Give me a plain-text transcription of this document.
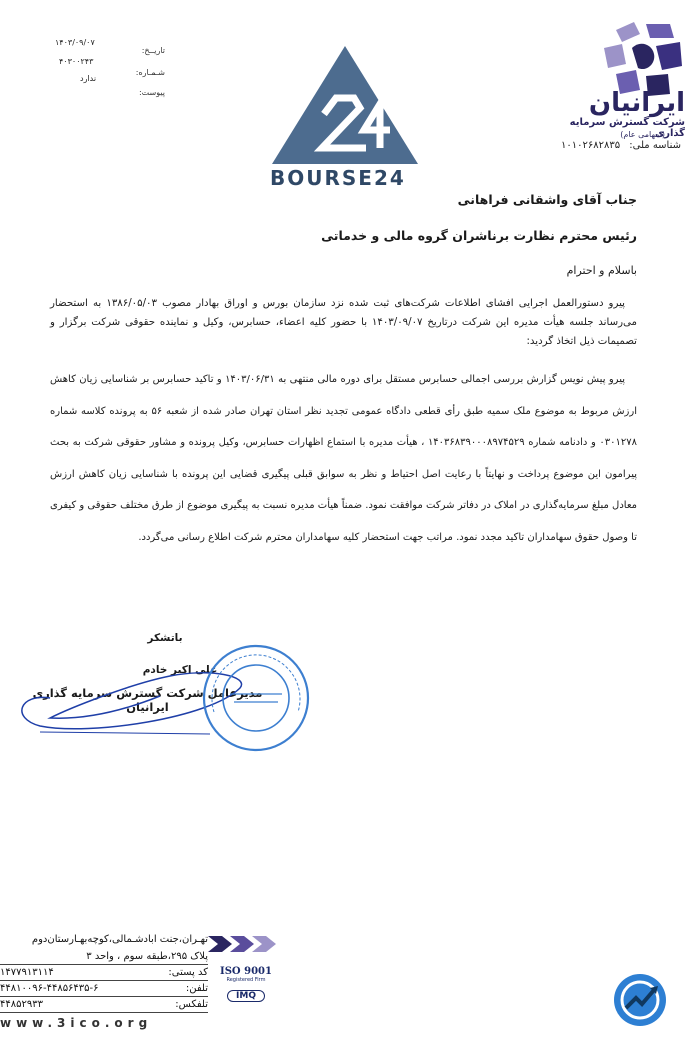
۱۴۰۳/۰۹/۰۷
تاریــخ:
۴۰۳۰۰۲۴۳
شـمـاره:
ندارد
پیوست:
BOURSE24
ایرانیان
شرکت گسترش سرمایه گذاری
(سهامی عام)
شناسه ملی: ۱۰۱۰۲۶۸۲۸۳۵
جناب آقای واشقانی فراهانی
رئیس محترم نظارت برناشران گروه مالی و خدماتی
باسلام و احترام
پیرو دستورالعمل اجرایی افشای اطلاعات شرکت‌های ثبت شده نزد سازمان بورس و اوراق بهادار مصوب ۱۳۸۶/۰۵/۰۳ به استحضار می‌رساند جلسه هیأت مدیره این شرکت درتاریخ ۱۴۰۳/۰۹/۰۷ با حضور کلیه اعضاء، حسابرس، وکیل و نماینده حقوقی شرکت برگزار و تصمیمات ذیل اتخاذ گردید:
پیرو پیش نویس گزارش بررسی اجمالی حسابرس مستقل برای دوره مالی منتهی به ۱۴۰۳/۰۶/۳۱ و تاکید حسابرس بر شناسایی زیان کاهش ارزش مربوط به موضوع ملک سمیه طبق رأی قطعی دادگاه عمومی تجدید نظر استان تهران صادر شده از شعبه ۵۶ به پرونده کلاسه شماره ۰۳۰۱۲۷۸ و دادنامه شماره ۱۴۰۳۶۸۳۹۰۰۰۸۹۷۴۵۲۹ ، هیأت مدیره با استماع اظهارات حسابرس، وکیل پرونده و مشاور حقوقی شرکت به بحث پیرامون این موضوع پرداخت و نهایتاً با رعایت اصل احتیاط و نظر به سوابق قبلی پیگیری قضایی این پرونده با شناسایی زیان کاهش ارزش معادل مبلغ سرمایه‌گذاری در املاک در دفاتر شرکت موافقت نمود. ضمناً هیأت مدیره نسبت به پیگیری موضوع از طرق مختلف حقوقی و کیفری تا وصول حقوق سهامداران تاکید مجدد نمود. مراتب جهت استحضار کلیه سهامداران محترم شرکت اطلاع رسانی می‌گردد.
باتشکر
علی اکبر خادم
مدیرعامل شرکت گسترش سرمایه گذاری ایرانیان
تهـران،جنت آبادشـمالی،کوچه‌بهـارستان‌دوم
پلاک ۲۹۵،طبقه سوم ، واحد ۳
کد پستی:
۱۴۷۷۹۱۳۱۱۴
تلفن:
۴۴۸۱۰۰۹۶-۴۴۸۵۶۴۳۵-۶
تلفکس:
۴۴۸۵۲۹۳۳
www.3ico.org
ISO 9001
Registered Firm
IMQ
